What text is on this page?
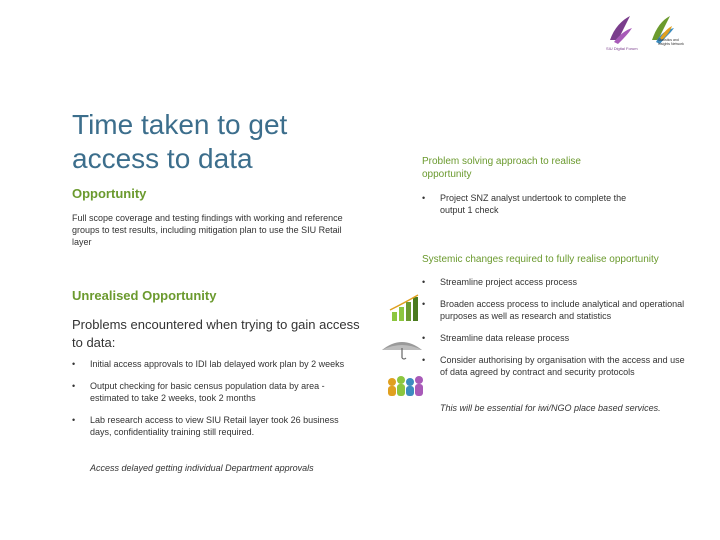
SIU Digital Forum
Statistics and Insights Network
Time taken to get access to data
Opportunity
Full scope coverage and testing findings with working and reference groups to test results, including mitigation plan to use the SIU Retail layer
Unrealised Opportunity
Problems encountered when trying to gain access to data:
• Initial access approvals to IDI lab delayed work plan by 2 weeks
• Output checking for basic census population data by area - estimated to take 2 weeks, took 2 months
• Lab research access to view SIU Retail layer took 26 business days, confidentiality training still required.
Access delayed getting individual Department approvals
Problem solving approach to realise opportunity
• Project SNZ analyst undertook to complete the output 1 check
Systemic changes required to fully realise opportunity
• Streamline project access process
• Broaden access process to include analytical and operational purposes as well as research and statistics
• Streamline data release process
• Consider authorising by organisation with the access and use of data agreed by contract and security protocols
This will be essential for iwi/NGO place based services.
